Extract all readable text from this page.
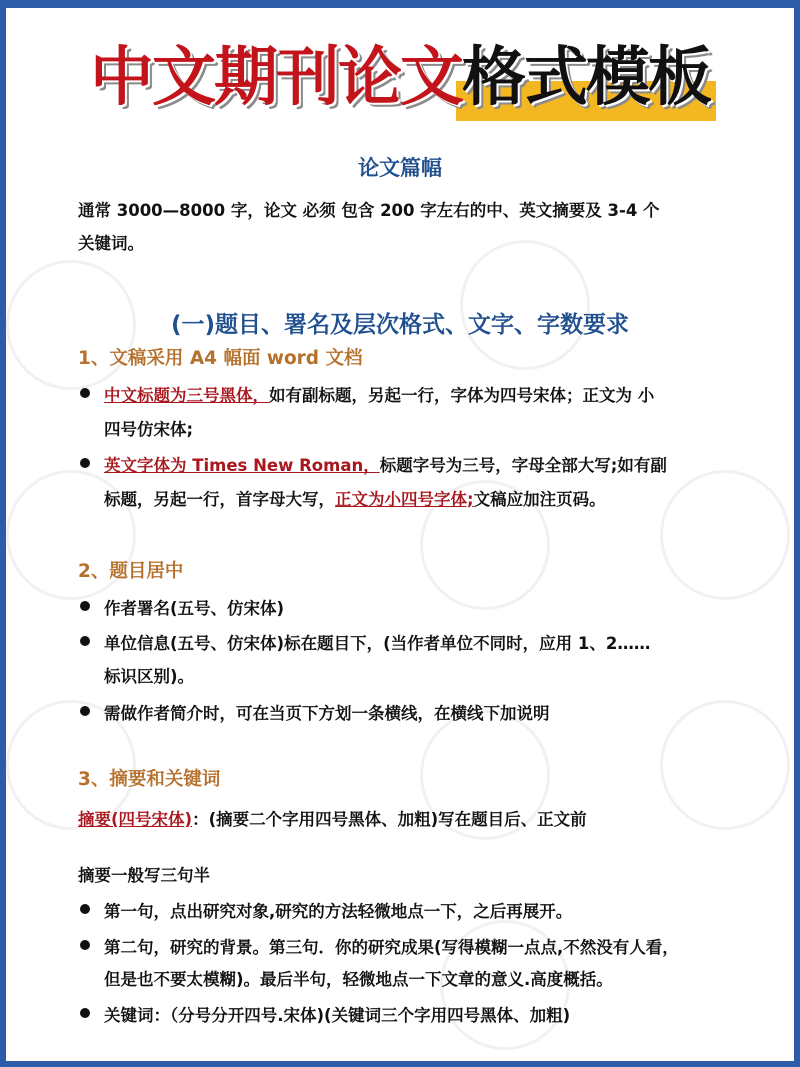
中文期刊论文格式模板
论文篇幅
通常 3000—8000 字，论文 必须 包含 200 字左右的中、英文摘要及 3-4 个
关键词。
(一)题目、署名及层次格式、文字、字数要求
1、文稿采用 A4 幅面 word 文档
中文标题为三号黑体，如有副标题，另起一行，字体为四号宋体；正文为 小
四号仿宋体;
英文字体为 Times New Roman，标题字号为三号，字母全部大写;如有副
标题，另起一行，首字母大写，正文为小四号字体;文稿应加注页码。
2、题目居中
作者署名(五号、仿宋体)
单位信息(五号、仿宋体)标在题目下，(当作者单位不同时，应用 1、2……
标识区别)。
需做作者简介时，可在当页下方划一条横线，在横线下加说明
3、摘要和关键词
摘要(四号宋体)：(摘要二个字用四号黑体、加粗)写在题目后、正文前
摘要一般写三句半
第一句，点出研究对象,研究的方法轻微地点一下，之后再展开。
第二句，研究的背景。第三句．你的研究成果(写得模糊一点点,不然没有人看，
但是也不要太模糊)。最后半句，轻微地点一下文章的意义.高度概括。
关键词：（分号分开四号.宋体)(关键词三个字用四号黑体、加粗)
